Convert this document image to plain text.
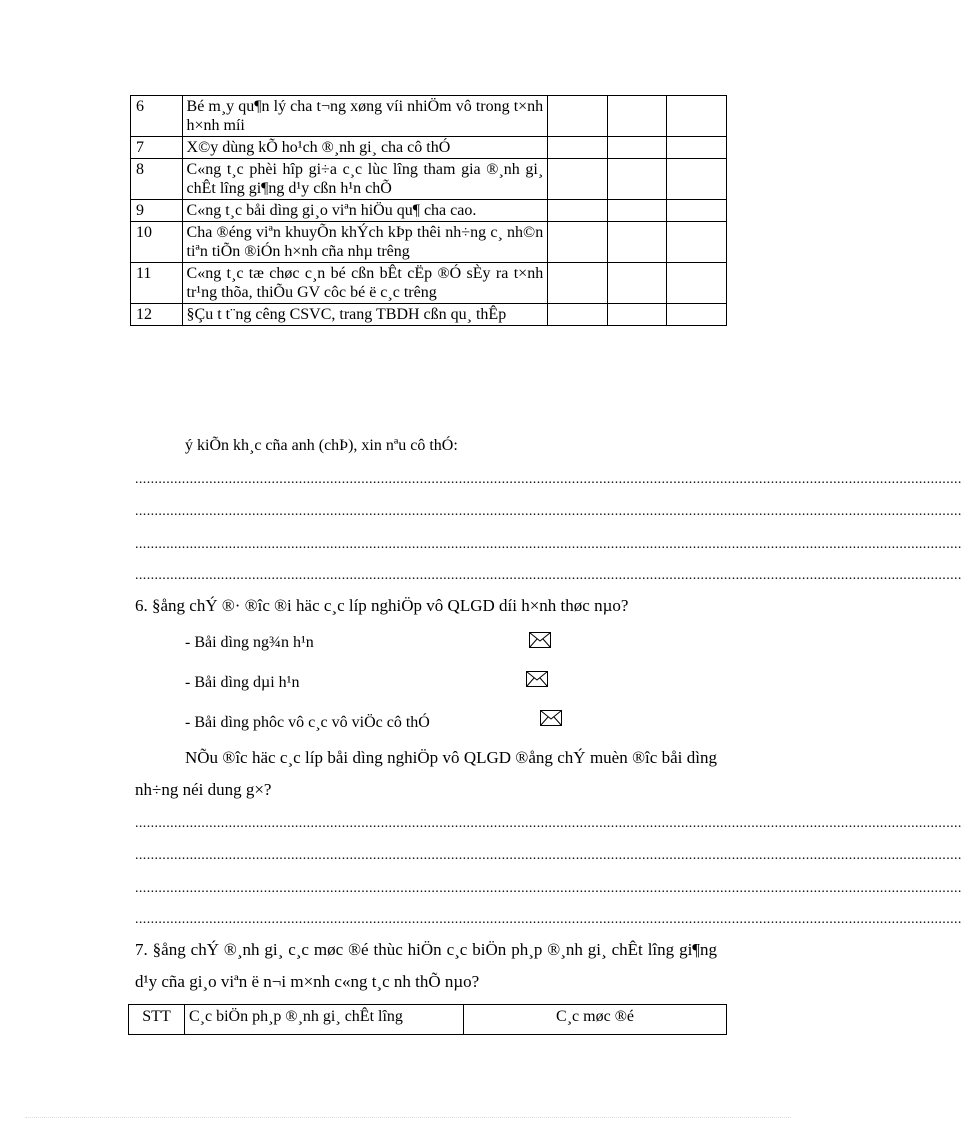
6	Bé m¸y qu¶n lý cha t¬ng xøng víi nhiÖm vô trong t×nh h×nh míi			
7	X©y dùng kÕ ho¹ch ®¸nh gi¸ cha cô thÓ			
8	C«ng t¸c phèi hîp gi÷a c¸c lùc lîng tham gia ®¸nh gi¸ chÊt lîng gi¶ng d¹y cßn h¹n chÕ			
9	C«ng t¸c båi dìng gi¸o viªn hiÖu qu¶ cha cao.			
10	Cha ®éng viªn khuyÕn khÝch kÞp thêi nh÷ng c¸ nh©n tiªn tiÕn ®iÓn h×nh cña nhµ trêng			
11	C«ng t¸c tæ chøc c¸n bé cßn bÊt cËp ®Ó sÈy ra t×nh tr¹ng thõa, thiÕu GV côc bé ë c¸c trêng			
12	§Çu t t¨ng cêng CSVC, trang TBDH cßn qu¸ thÊp			
ý kiÕn kh¸c cña anh (chÞ), xin nªu cô thÓ:
....................................................................................................................................................................................................................
....................................................................................................................................................................................................................
....................................................................................................................................................................................................................
....................................................................................................................................................................................................................
6. §ång chÝ ®· ®îc ®i häc c¸c líp nghiÖp vô QLGD díi h×nh thøc nµo?
- Båi dìng ng¾n h¹n
- Båi dìng dµi h¹n
- Båi dìng phôc vô c¸c vô viÖc cô thÓ
NÕu ®îc häc c¸c líp båi dìng nghiÖp vô QLGD ®ång chÝ muèn ®îc båi dìng nh÷ng néi dung g×?
....................................................................................................................................................................................................................
....................................................................................................................................................................................................................
....................................................................................................................................................................................................................
....................................................................................................................................................................................................................
7. §ång chÝ ®¸nh gi¸ c¸c møc ®é thùc hiÖn c¸c biÖn ph¸p ®¸nh gi¸ chÊt lîng gi¶ng d¹y cña gi¸o viªn ë n¬i m×nh c«ng t¸c nh thÕ nµo?
STT	C¸c biÖn ph¸p ®¸nh gi¸ chÊt lîng	C¸c møc ®é
